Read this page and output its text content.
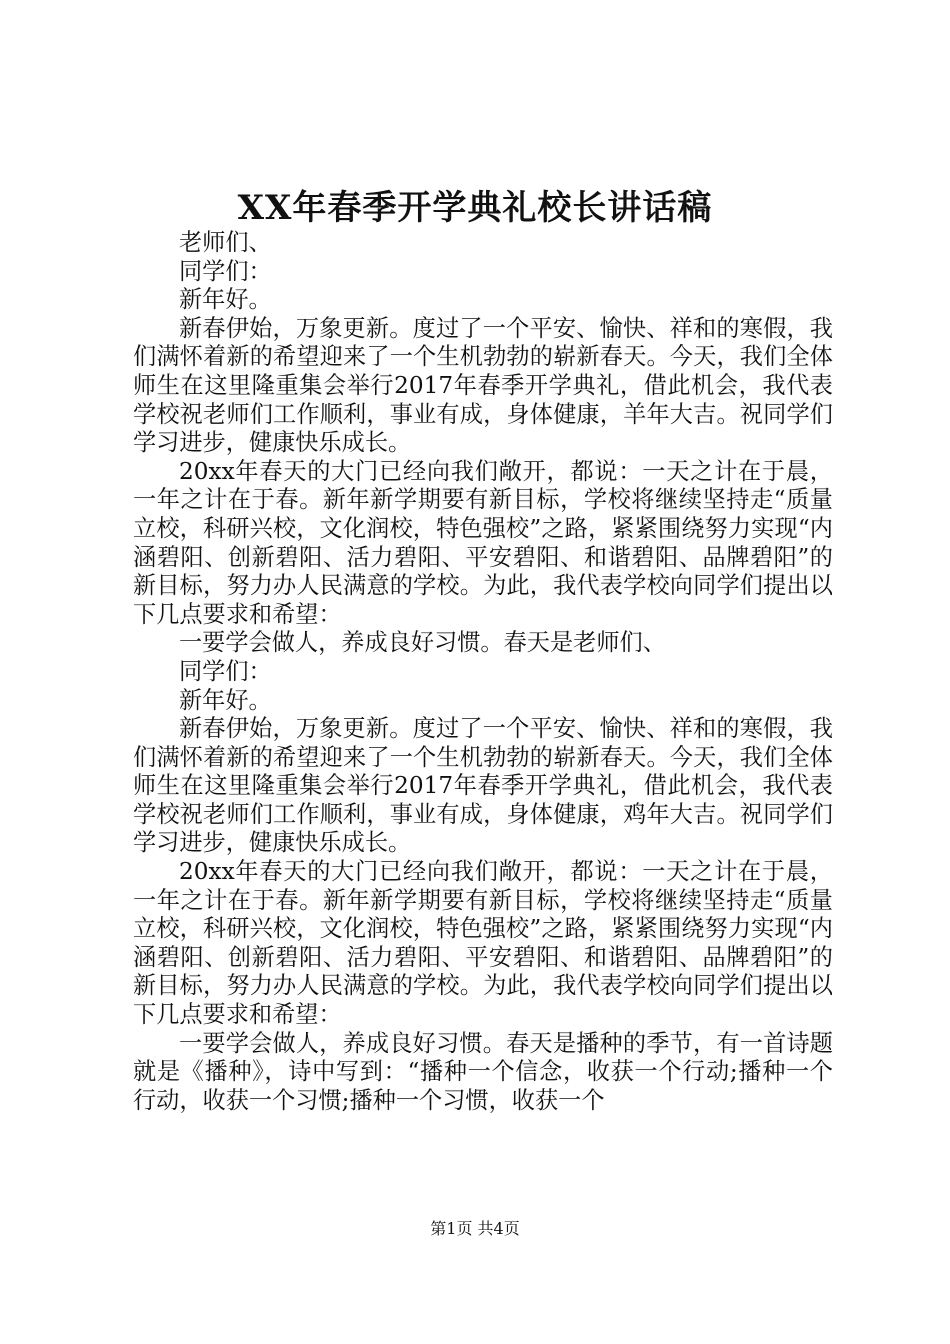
XX年春季开学典礼校长讲话稿

老师们、

同学们：

新年好。

新春伊始，万象更新。度过了一个平安、愉快、祥和的寒假，我们满怀着新的希望迎来了一个生机勃勃的崭新春天。今天，我们全体师生在这里隆重集会举行2017年春季开学典礼，借此机会，我代表学校祝老师们工作顺利，事业有成，身体健康，羊年大吉。祝同学们学习进步，健康快乐成长。

20xx年春天的大门已经向我们敞开，都说：一天之计在于晨，一年之计在于春。新年新学期要有新目标，学校将继续坚持走“质量立校，科研兴校，文化润校，特色强校”之路，紧紧围绕努力实现“内涵碧阳、创新碧阳、活力碧阳、平安碧阳、和谐碧阳、品牌碧阳”的新目标，努力办人民满意的学校。为此，我代表学校向同学们提出以下几点要求和希望：

一要学会做人，养成良好习惯。春天是老师们、

同学们：

新年好。

新春伊始，万象更新。度过了一个平安、愉快、祥和的寒假，我们满怀着新的希望迎来了一个生机勃勃的崭新春天。今天，我们全体师生在这里隆重集会举行2017年春季开学典礼，借此机会，我代表学校祝老师们工作顺利，事业有成，身体健康，鸡年大吉。祝同学们学习进步，健康快乐成长。

20xx年春天的大门已经向我们敞开，都说：一天之计在于晨，一年之计在于春。新年新学期要有新目标，学校将继续坚持走“质量立校，科研兴校，文化润校，特色强校”之路，紧紧围绕努力实现“内涵碧阳、创新碧阳、活力碧阳、平安碧阳、和谐碧阳、品牌碧阳”的新目标，努力办人民满意的学校。为此，我代表学校向同学们提出以下几点要求和希望：

一要学会做人，养成良好习惯。春天是播种的季节，有一首诗题就是《播种》，诗中写到：“播种一个信念，收获一个行动;播种一个行动，收获一个习惯;播种一个习惯，收获一个

第1页 共4页
